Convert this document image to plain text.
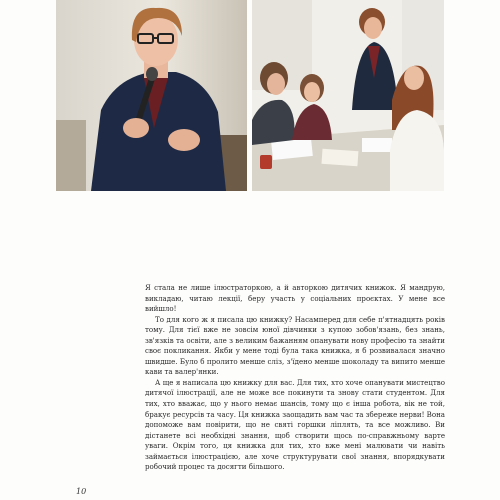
Я стала не лише ілюстраторкою, а й авторкою дитячих книжок. Я мандрую, викладаю, читаю лекції, беру участь у соціальних проєктах. У мене все вийшло!

То для кого ж я писала цю книжку? Насамперед для себе п'ятнадцять років тому. Для тієї вже не зовсім юної дівчинки з купою зобов'язань, без знань, зв'язків та освіти, але з великим бажанням опанувати нову професію та знайти своє покликання. Якби у мене тоді була така книжка, я б розвивалася значно швидше. Було б пролито менше сліз, з'їдено менше шоколаду та випито менше кави та валер'янки.

А ще я написала цю книжку для вас. Для тих, хто хоче опанувати мистецтво дитячої ілюстрації, але не може все покинути та знову стати студентом. Для тих, хто вважає, що у нього немає шансів, тому що є інша робота, вік не той, бракує ресурсів та часу. Ця книжка заощадить вам час та збереже нерви! Вона допоможе вам повірити, що не святі горшки ліплять, та все можливо. Ви дістанете всі необхідні знання, щоб створити щось по-справжньому варте уваги. Окрім того, ця книжка для тих, хто вже мені малювати чи навіть займається ілюстрацією, але хоче структурувати свої знання, впорядкувати робочий процес та досягти більшого.

10
